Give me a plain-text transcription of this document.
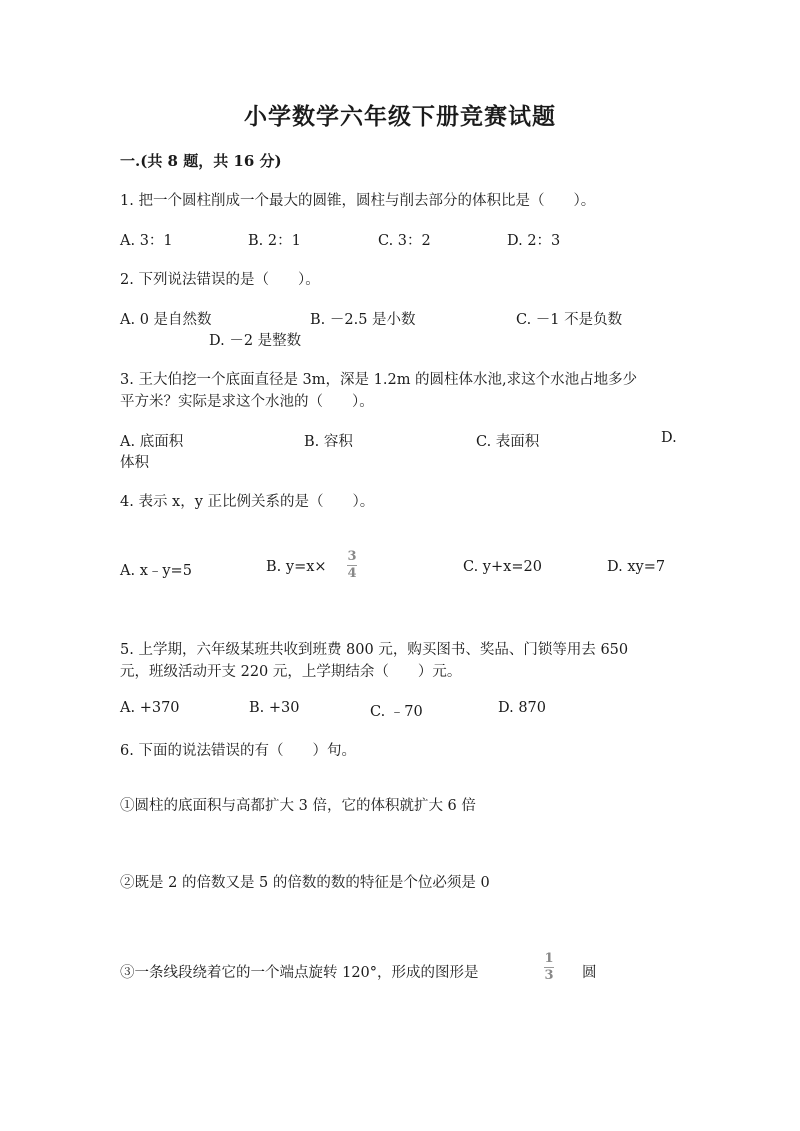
小学数学六年级下册竞赛试题
一.(共 8 题，共 16 分)
1. 把一个圆柱削成一个最大的圆锥，圆柱与削去部分的体积比是（　　）。
A. 3：1	B. 2：1	C. 3：2	D. 2：3
2. 下列说法错误的是（　　）。
A. 0 是自然数	B. －2.5 是小数	C. －1 不是负数
D. －2 是整数
3. 王大伯挖一个底面直径是 3m，深是 1.2m 的圆柱体水池,求这个水池占地多少
平方米？实际是求这个水池的（　　）。
A. 底面积	B. 容积	C. 表面积	D.
体积
4. 表示 x，y 正比例关系的是（　　）。
A. x﹣y=5	B. y=x×
3
4	C. y+x=20	D. xy=7
5. 上学期，六年级某班共收到班费 800 元，购买图书、奖品、门锁等用去 650
元，班级活动开支 220 元，上学期结余（　　）元。
A. +370	B. +30	C. ﹣70	D. 870
6. 下面的说法错误的有（　　）句。
①圆柱的底面积与高都扩大 3 倍，它的体积就扩大 6 倍
②既是 2 的倍数又是 5 的倍数的数的特征是个位必须是 0
③一条线段绕着它的一个端点旋转 120°，形成的图形是
1
3 圆
